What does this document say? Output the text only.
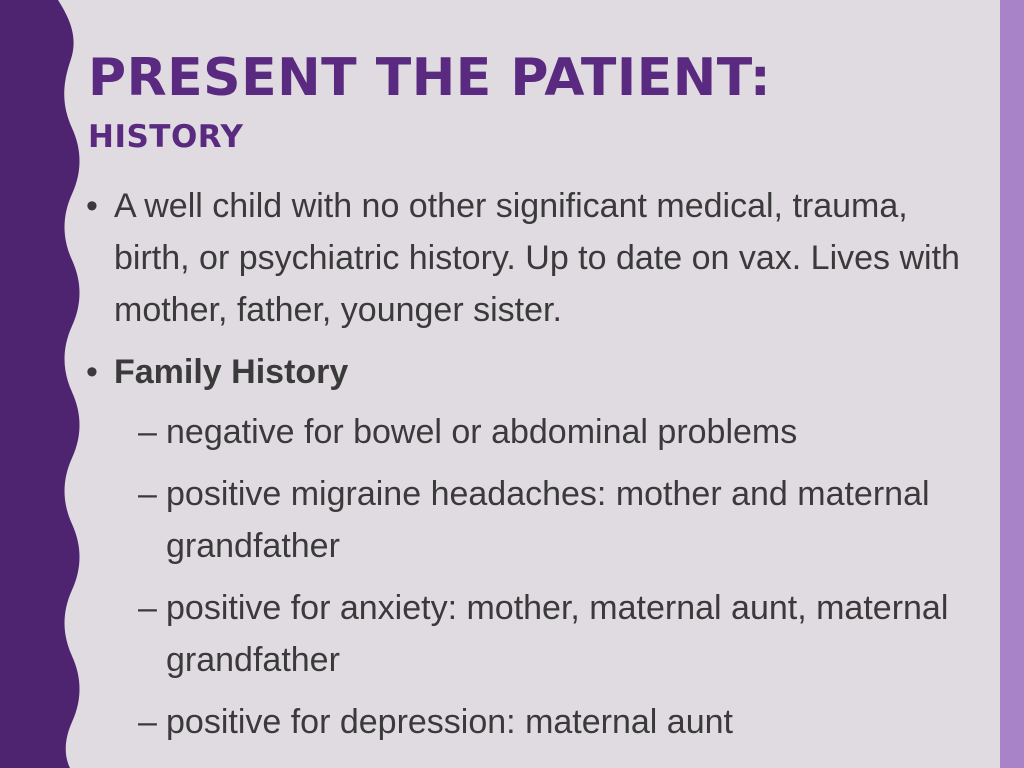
PRESENT THE PATIENT:
HISTORY
• A well child with no other significant medical, trauma, birth, or psychiatric history. Up to date on vax. Lives with mother, father, younger sister.
• Family History
– negative for bowel or abdominal problems
– positive migraine headaches: mother and maternal grandfather
– positive for anxiety: mother, maternal aunt, maternal grandfather
– positive for depression: maternal aunt
